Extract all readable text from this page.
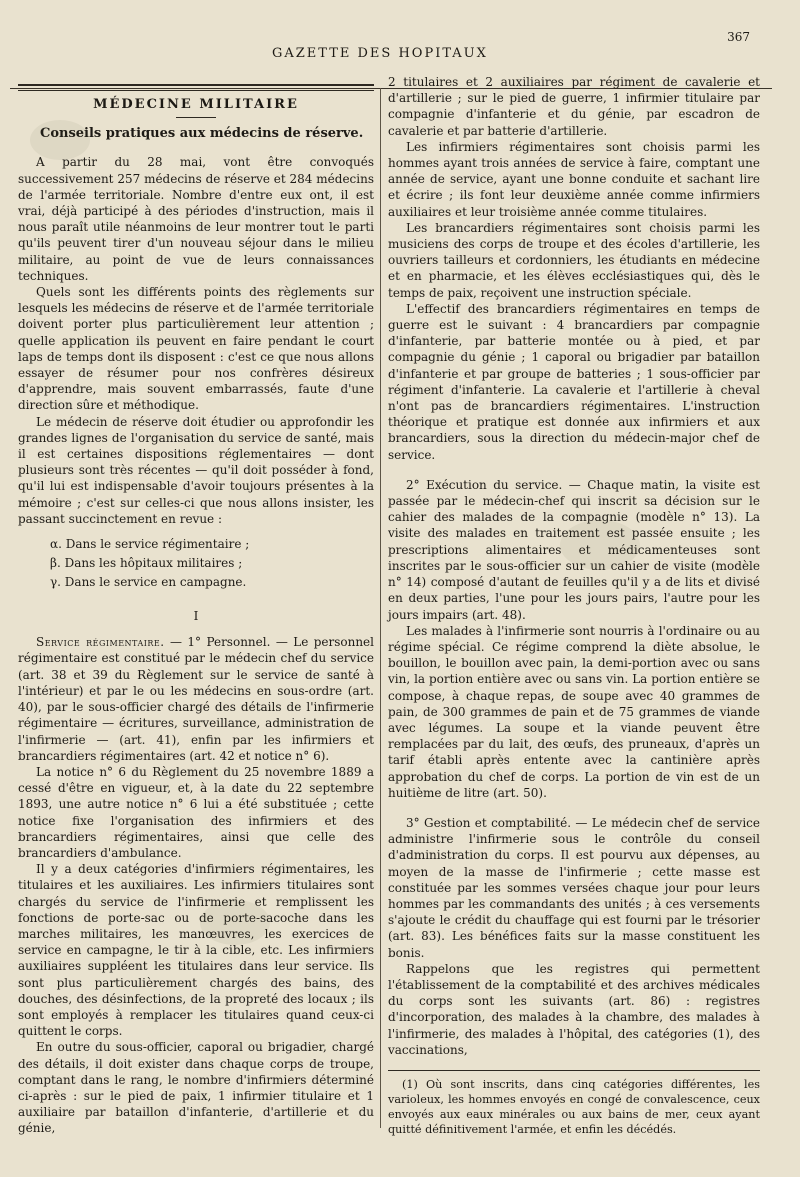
GAZETTE DES HOPITAUX
367
MÉDECINE MILITAIRE
Conseils pratiques aux médecins de réserve.

A partir du 28 mai, vont être convoqués successivement 257 médecins de réserve et 284 médecins de l'armée territoriale. Nombre d'entre eux ont, il est vrai, déjà participé à des périodes d'instruction, mais il nous paraît utile néanmoins de leur montrer tout le parti qu'ils peuvent tirer d'un nouveau séjour dans le milieu militaire, au point de vue de leurs connaissances techniques.

Quels sont les différents points des règlements sur lesquels les médecins de réserve et de l'armée territoriale doivent porter plus particulièrement leur attention ; quelle application ils peuvent en faire pendant le court laps de temps dont ils disposent : c'est ce que nous allons essayer de résumer pour nos confrères désireux d'apprendre, mais souvent embarrassés, faute d'une direction sûre et méthodique.

Le médecin de réserve doit étudier ou approfondir les grandes lignes de l'organisation du service de santé, mais il est certaines dispositions réglementaires — dont plusieurs sont très récentes — qu'il doit posséder à fond, qu'il lui est indispensable d'avoir toujours présentes à la mémoire ; c'est sur celles-ci que nous allons insister, les passant succinctement en revue :

α. Dans le service régimentaire ;
β. Dans les hôpitaux militaires ;
γ. Dans le service en campagne.
I

Service régimentaire. — 1° Personnel. — Le personnel régimentaire est constitué par le médecin chef du service (art. 38 et 39 du Règlement sur le service de santé à l'intérieur) et par le ou les médecins en sous-ordre (art. 40), par le sous-officier chargé des détails de l'infirmerie régimentaire — écritures, surveillance, administration de l'infirmerie — (art. 41), enfin par les infirmiers et brancardiers régimentaires (art. 42 et notice n° 6).

La notice n° 6 du Règlement du 25 novembre 1889 a cessé d'être en vigueur, et, à la date du 22 septembre 1893, une autre notice n° 6 lui a été substituée ; cette notice fixe l'organisation des infirmiers et des brancardiers régimentaires, ainsi que celle des brancardiers d'ambulance.

Il y a deux catégories d'infirmiers régimentaires, les titulaires et les auxiliaires. Les infirmiers titulaires sont chargés du service de l'infirmerie et remplissent les fonctions de porte-sac ou de porte-sacoche dans les marches militaires, les manœuvres, les exercices de service en campagne, le tir à la cible, etc. Les infirmiers auxiliaires suppléent les titulaires dans leur service. Ils sont plus particulièrement chargés des bains, des douches, des désinfections, de la propreté des locaux ; ils sont employés à remplacer les titulaires quand ceux-ci quittent le corps.

En outre du sous-officier, caporal ou brigadier, chargé des détails, il doit exister dans chaque corps de troupe, comptant dans le rang, le nombre d'infirmiers déterminé ci-après : sur le pied de paix, 1 infirmier titulaire et 1 auxiliaire par bataillon d'infanterie, d'artillerie et du génie,

2 titulaires et 2 auxiliaires par régiment de cavalerie et d'artillerie ; sur le pied de guerre, 1 infirmier titulaire par compagnie d'infanterie et du génie, par escadron de cavalerie et par batterie d'artillerie.

Les infirmiers régimentaires sont choisis parmi les hommes ayant trois années de service à faire, comptant une année de service, ayant une bonne conduite et sachant lire et écrire ; ils font leur deuxième année comme infirmiers auxiliaires et leur troisième année comme titulaires.

Les brancardiers régimentaires sont choisis parmi les musiciens des corps de troupe et des écoles d'artillerie, les ouvriers tailleurs et cordonniers, les étudiants en médecine et en pharmacie, et les élèves ecclésiastiques qui, dès le temps de paix, reçoivent une instruction spéciale.

L'effectif des brancardiers régimentaires en temps de guerre est le suivant : 4 brancardiers par compagnie d'infanterie, par batterie montée ou à pied, et par compagnie du génie ; 1 caporal ou brigadier par bataillon d'infanterie et par groupe de batteries ; 1 sous-officier par régiment d'infanterie. La cavalerie et l'artillerie à cheval n'ont pas de brancardiers régimentaires. L'instruction théorique et pratique est donnée aux infirmiers et aux brancardiers, sous la direction du médecin-major chef de service.

2° Exécution du service. — Chaque matin, la visite est passée par le médecin-chef qui inscrit sa décision sur le cahier des malades de la compagnie (modèle n° 13). La visite des malades en traitement est passée ensuite ; les prescriptions alimentaires et médicamenteuses sont inscrites par le sous-officier sur un cahier de visite (modèle n° 14) composé d'autant de feuilles qu'il y a de lits et divisé en deux parties, l'une pour les jours pairs, l'autre pour les jours impairs (art. 48).

Les malades à l'infirmerie sont nourris à l'ordinaire ou au régime spécial. Ce régime comprend la diète absolue, le bouillon, le bouillon avec pain, la demi-portion avec ou sans vin, la portion entière avec ou sans vin. La portion entière se compose, à chaque repas, de soupe avec 40 grammes de pain, de 300 grammes de pain et de 75 grammes de viande avec légumes. La soupe et la viande peuvent être remplacées par du lait, des œufs, des pruneaux, d'après un tarif établi après entente avec la cantinière après approbation du chef de corps. La portion de vin est de un huitième de litre (art. 50).

3° Gestion et comptabilité. — Le médecin chef de service administre l'infirmerie sous le contrôle du conseil d'administration du corps. Il est pourvu aux dépenses, au moyen de la masse de l'infirmerie ; cette masse est constituée par les sommes versées chaque jour pour leurs hommes par les commandants des unités ; à ces versements s'ajoute le crédit du chauffage qui est fourni par le trésorier (art. 83). Les bénéfices faits sur la masse constituent les bonis.

Rappelons que les registres qui permettent l'établissement de la comptabilité et des archives médicales du corps sont les suivants (art. 86) : registres d'incorporation, des malades à la chambre, des malades à l'infirmerie, des malades à l'hôpital, des catégories (1), des vaccinations,

(1) Où sont inscrits, dans cinq catégories différentes, les varioleux, les hommes envoyés en congé de convalescence, ceux envoyés aux eaux minérales ou aux bains de mer, ceux ayant quitté définitivement l'armée, et enfin les décédés.
